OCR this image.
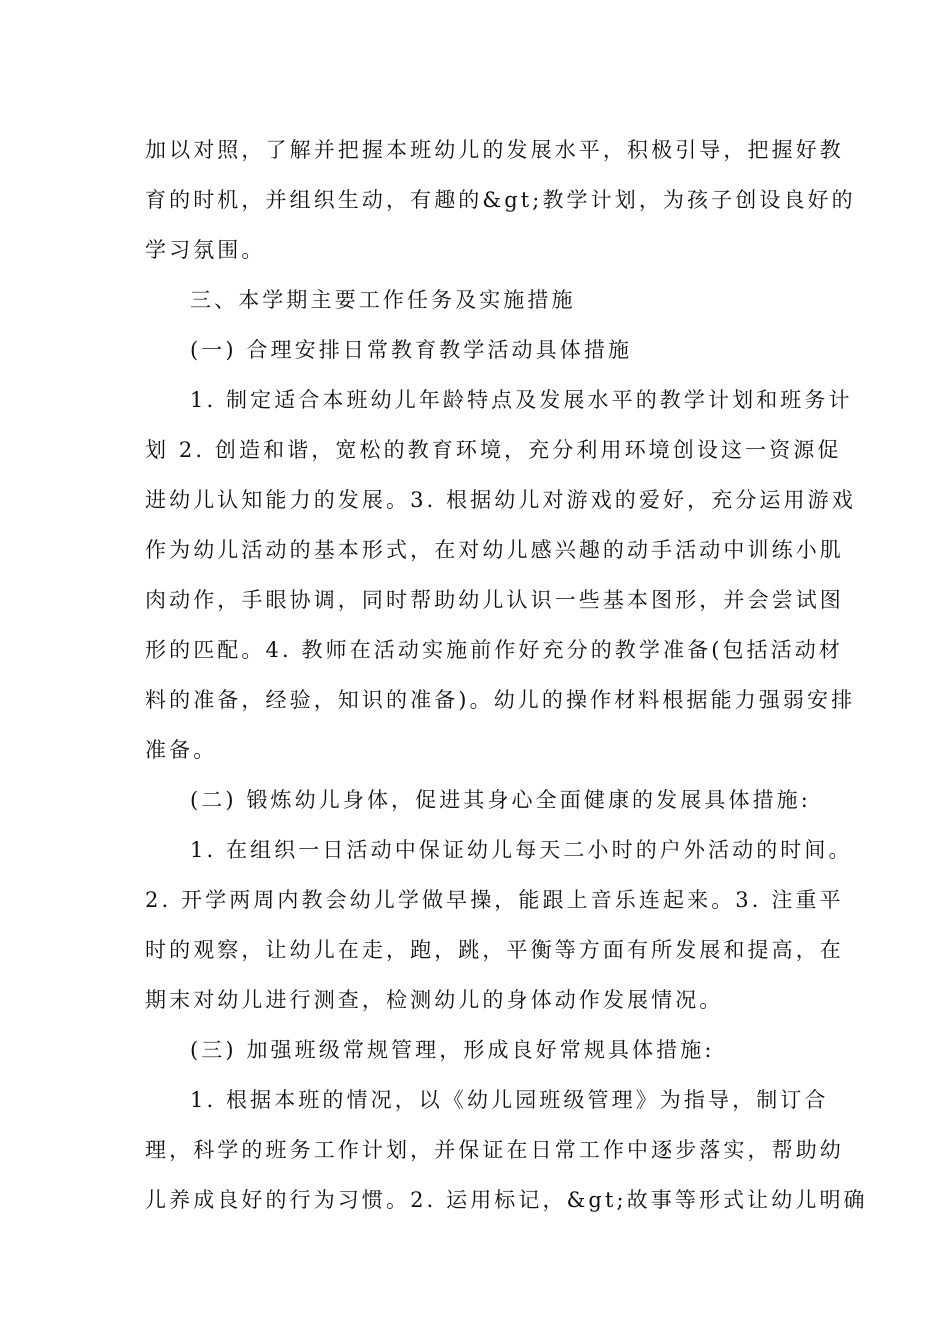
加以对照，了解并把握本班幼儿的发展水平，积极引导，把握好教
育的时机，并组织生动，有趣的&gt;教学计划，为孩子创设良好的
学习氛围。
三、本学期主要工作任务及实施措施
(一) 合理安排日常教育教学活动具体措施
1. 制定适合本班幼儿年龄特点及发展水平的教学计划和班务计
划 2. 创造和谐，宽松的教育环境，充分利用环境创设这一资源促
进幼儿认知能力的发展。3. 根据幼儿对游戏的爱好，充分运用游戏
作为幼儿活动的基本形式，在对幼儿感兴趣的动手活动中训练小肌
肉动作，手眼协调，同时帮助幼儿认识一些基本图形，并会尝试图
形的匹配。4. 教师在活动实施前作好充分的教学准备(包括活动材
料的准备，经验，知识的准备)。幼儿的操作材料根据能力强弱安排
准备。
(二) 锻炼幼儿身体，促进其身心全面健康的发展具体措施:
1. 在组织一日活动中保证幼儿每天二小时的户外活动的时间。
2. 开学两周内教会幼儿学做早操，能跟上音乐连起来。3. 注重平
时的观察，让幼儿在走，跑，跳，平衡等方面有所发展和提高，在
期末对幼儿进行测查，检测幼儿的身体动作发展情况。
(三) 加强班级常规管理，形成良好常规具体措施:
1. 根据本班的情况，以《幼儿园班级管理》为指导，制订合
理，科学的班务工作计划，并保证在日常工作中逐步落实，帮助幼
儿养成良好的行为习惯。2. 运用标记，&gt;故事等形式让幼儿明确
